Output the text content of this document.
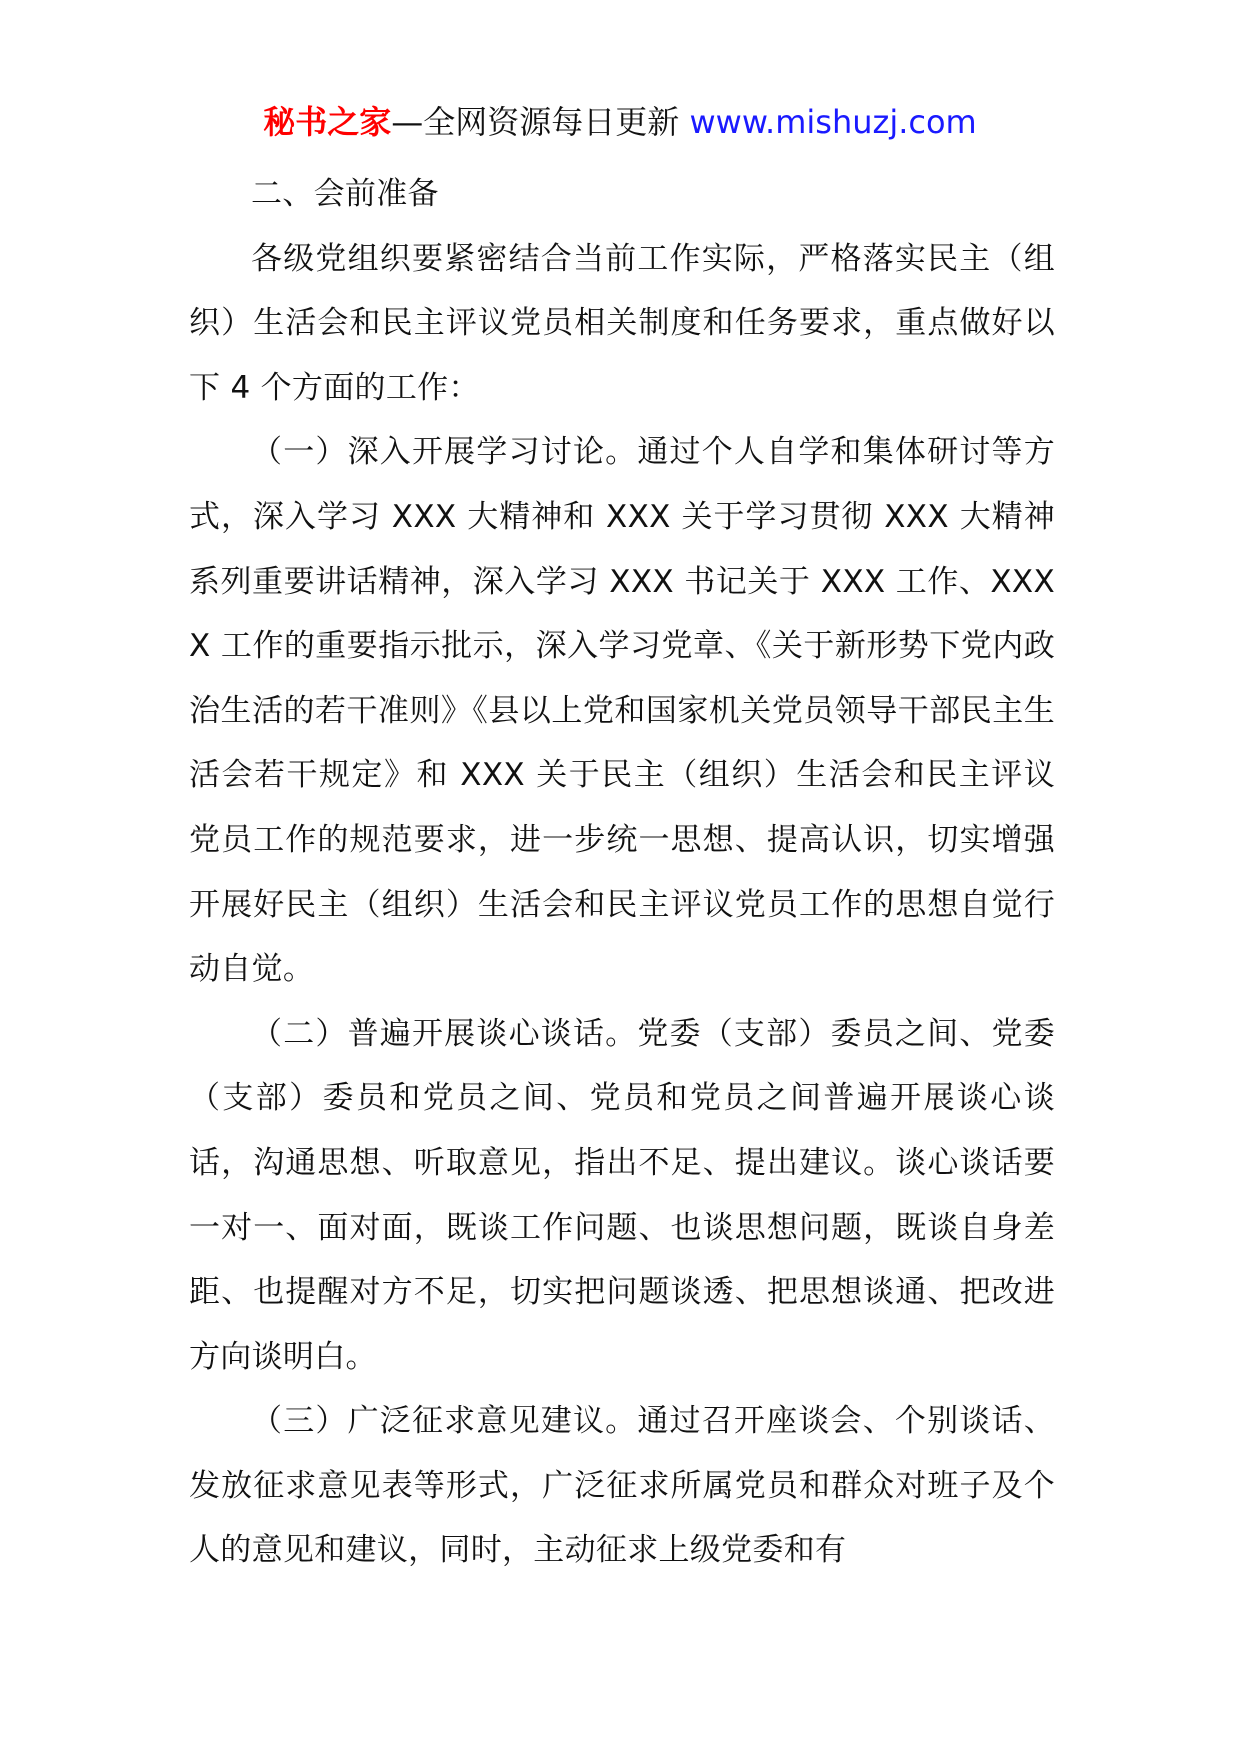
秘书之家—全网资源每日更新 www.mishuzj.com

二、会前准备

各级党组织要紧密结合当前工作实际，严格落实民主（组织）生活会和民主评议党员相关制度和任务要求，重点做好以下 4 个方面的工作：

（一）深入开展学习讨论。通过个人自学和集体研讨等方式，深入学习 XXX 大精神和 XXX 关于学习贯彻 XXX 大精神系列重要讲话精神，深入学习 XXX 书记关于 XXX 工作、XXXX 工作的重要指示批示，深入学习党章、《关于新形势下党内政治生活的若干准则》《县以上党和国家机关党员领导干部民主生活会若干规定》和 XXX 关于民主（组织）生活会和民主评议党员工作的规范要求，进一步统一思想、提高认识，切实增强开展好民主（组织）生活会和民主评议党员工作的思想自觉行动自觉。

（二）普遍开展谈心谈话。党委（支部）委员之间、党委（支部）委员和党员之间、党员和党员之间普遍开展谈心谈话，沟通思想、听取意见，指出不足、提出建议。谈心谈话要一对一、面对面，既谈工作问题、也谈思想问题，既谈自身差距、也提醒对方不足，切实把问题谈透、把思想谈通、把改进方向谈明白。

（三）广泛征求意见建议。通过召开座谈会、个别谈话、发放征求意见表等形式，广泛征求所属党员和群众对班子及个人的意见和建议，同时，主动征求上级党委和有
